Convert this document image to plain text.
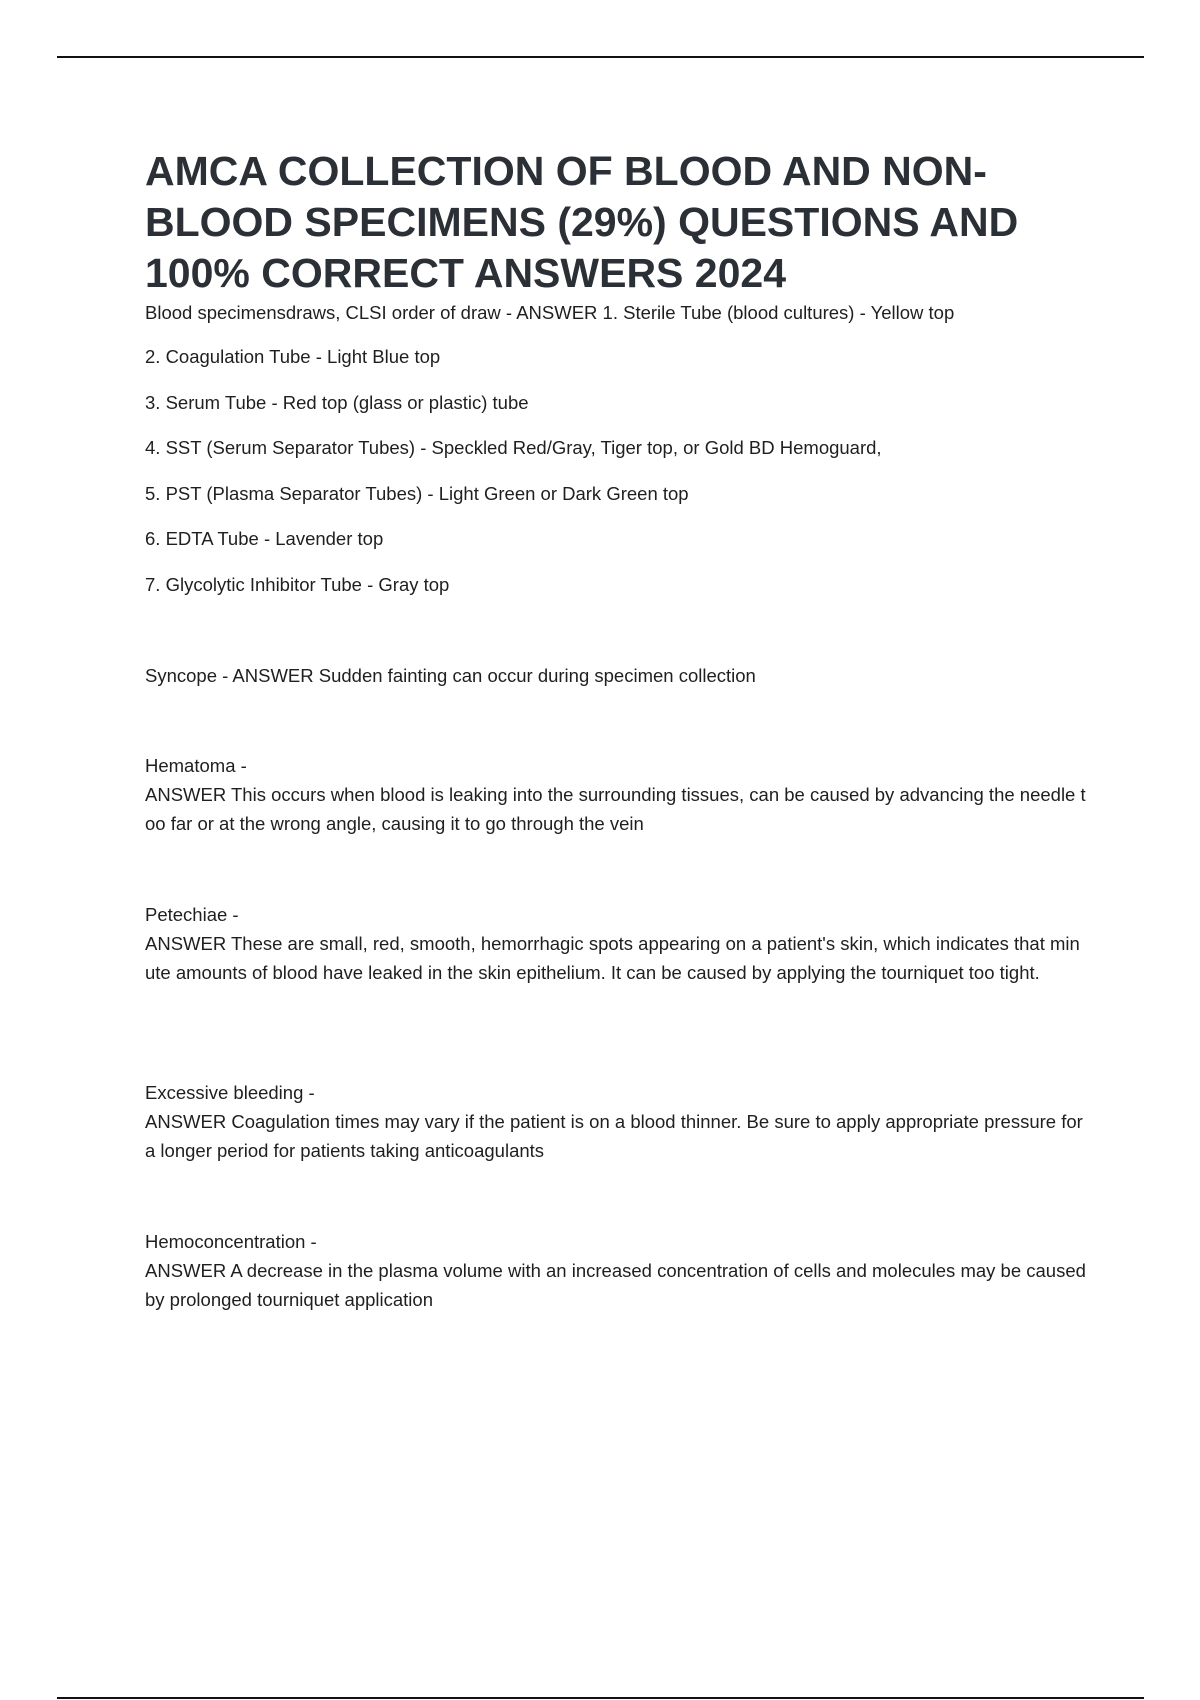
AMCA COLLECTION OF BLOOD AND NON-BLOOD SPECIMENS (29%) QUESTIONS AND 100% CORRECT ANSWERS 2024

Blood specimensdraws, CLSI order of draw - ANSWER 1. Sterile Tube (blood cultures) - Yellow top

2. Coagulation Tube - Light Blue top

3. Serum Tube - Red top (glass or plastic) tube

4. SST (Serum Separator Tubes) - Speckled Red/Gray, Tiger top, or Gold BD Hemoguard,

5. PST (Plasma Separator Tubes) - Light Green or Dark Green top

6. EDTA Tube - Lavender top

7. Glycolytic Inhibitor Tube - Gray top

Syncope - ANSWER Sudden fainting can occur during specimen collection
Hematoma -
ANSWER This occurs when blood is leaking into the surrounding tissues, can be caused by advancing the needle too far or at the wrong angle, causing it to go through the vein
Petechiae -
ANSWER These are small, red, smooth, hemorrhagic spots appearing on a patient's skin, which indicates that minute amounts of blood have leaked in the skin epithelium. It can be caused by applying the tourniquet too tight.
Excessive bleeding -
ANSWER Coagulation times may vary if the patient is on a blood thinner. Be sure to apply appropriate pressure for a longer period for patients taking anticoagulants
Hemoconcentration -
ANSWER A decrease in the plasma volume with an increased concentration of cells and molecules may be caused by prolonged tourniquet application
